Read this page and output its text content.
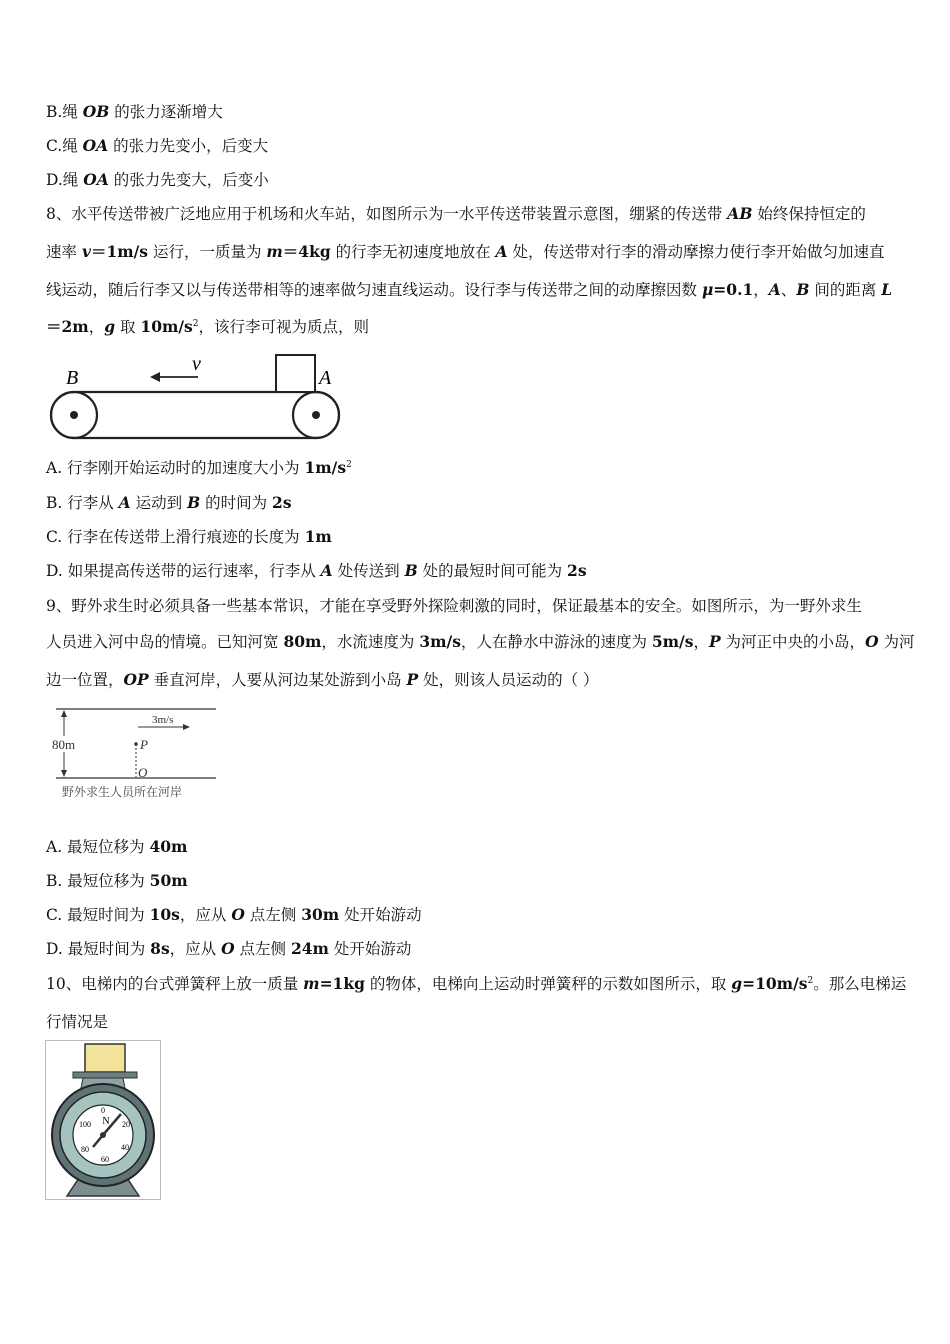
B.绳 OB 的张力逐渐增大
C.绳 OA 的张力先变小，后变大
D.绳 OA 的张力先变大，后变小
8、水平传送带被广泛地应用于机场和火车站，如图所示为一水平传送带装置示意图，绷紧的传送带 AB 始终保持恒定的
速率 v＝1m/s 运行，一质量为 m＝4kg 的行李无初速度地放在 A 处，传送带对行李的滑动摩擦力使行李开始做匀加速直
线运动，随后行李又以与传送带相等的速率做匀速直线运动。设行李与传送带之间的动摩擦因数 μ=0.1，A、B 间的距离 L
＝2m，g 取 $10m/s^2$，该行李可视为质点，则
v
B	A
A. 行李刚开始运动时的加速度大小为 $1m/s^2$
B. 行李从 A 运动到 B 的时间为 2s
C. 行李在传送带上滑行痕迹的长度为 1m
D. 如果提高传送带的运行速率，行李从 A 处传送到 B 处的最短时间可能为 2s
9、野外求生时必须具备一些基本常识，才能在享受野外探险刺激的同时，保证最基本的安全。如图所示，为一野外求生
人员进入河中岛的情境。已知河宽 80m，水流速度为 3m/s，人在静水中游泳的速度为 5m/s，P 为河正中央的小岛，O 为河
边一位置，OP 垂直河岸，人要从河边某处游到小岛 P 处，则该人员运动的（ ）
80m
3m/s
P
O
野外求生人员所在河岸
A. 最短位移为 40m
B. 最短位移为 50m
C. 最短时间为 10s，应从 O 点左侧 30m 处开始游动
D. 最短时间为 8s，应从 O 点左侧 24m 处开始游动
10、电梯内的台式弹簧秤上放一质量 m=1kg 的物体，电梯向上运动时弹簧秤的示数如图所示，取 $g=10m/s^2$。那么电梯运
行情况是
0
20
40
60
80
100 N
